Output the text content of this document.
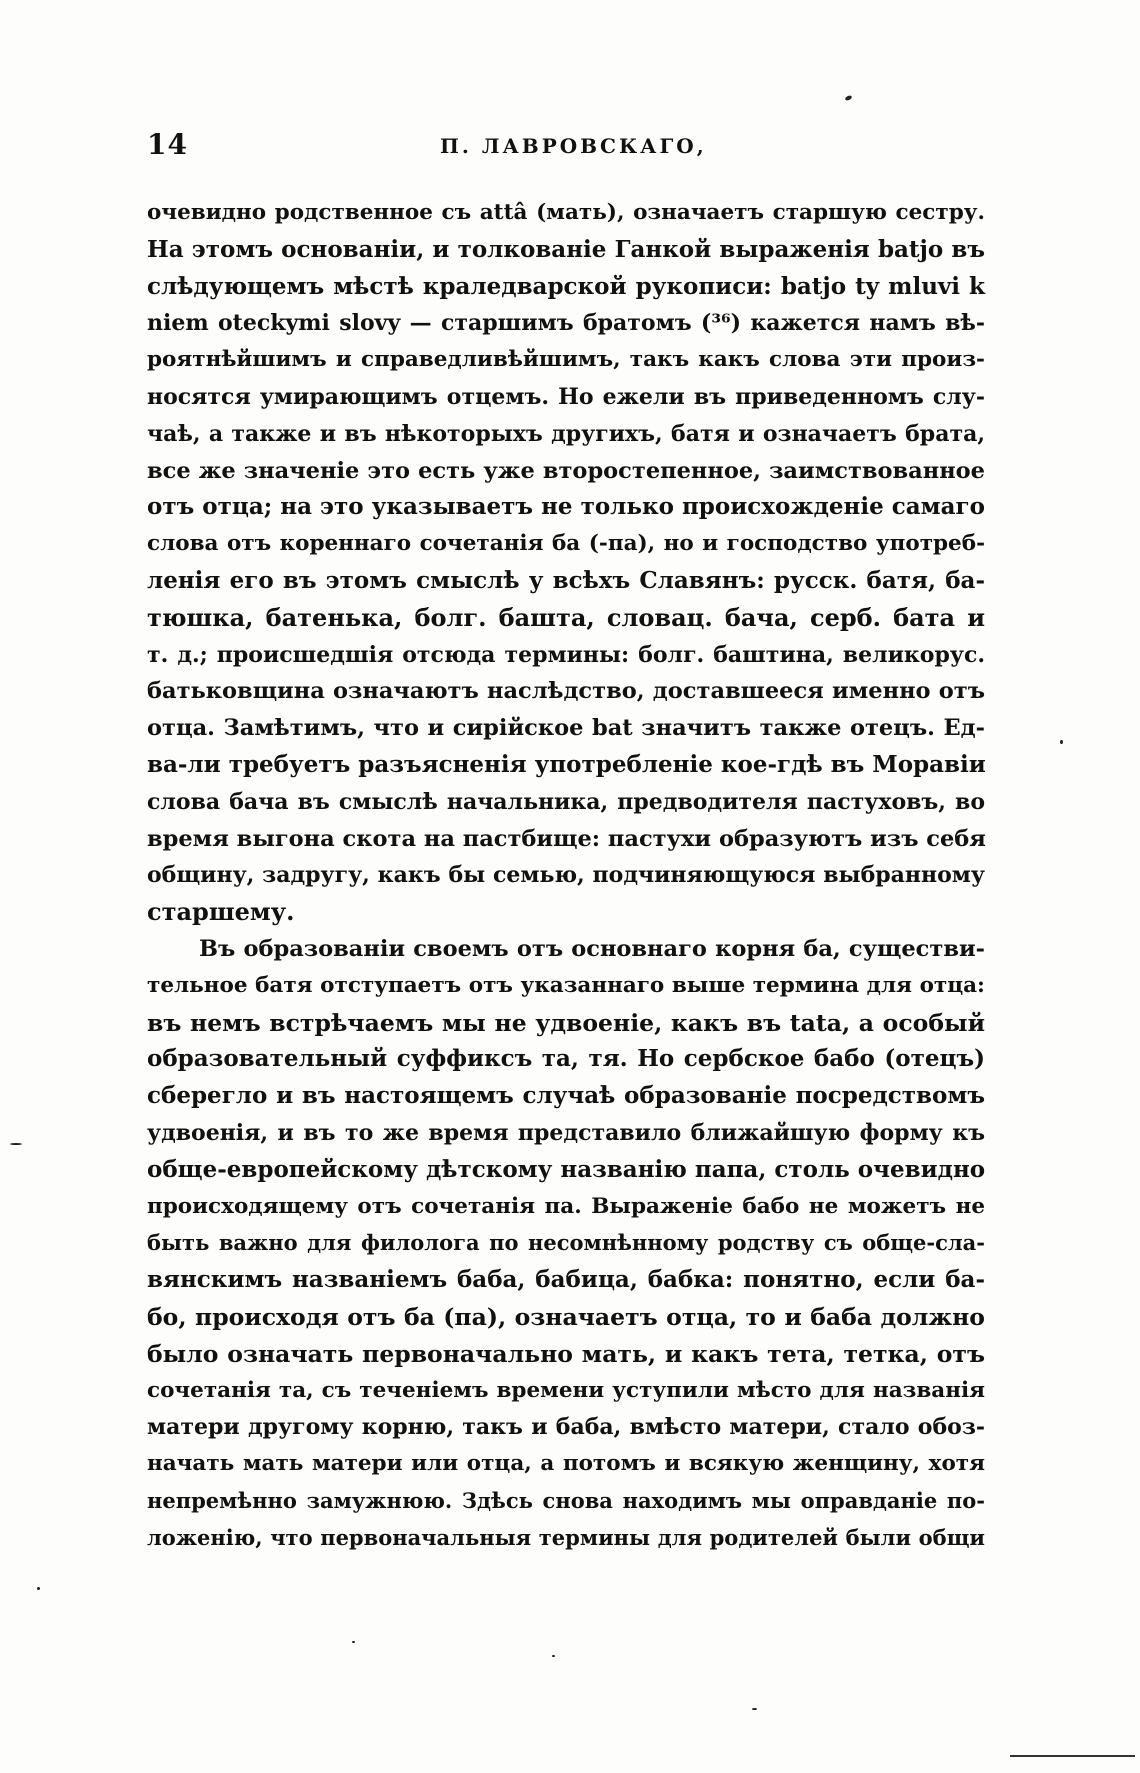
14	П. ЛАВРОВСКАГО,
очевидно родственное съ attâ (мать), означаетъ старшую сестру.
На этомъ основаніи, и толкованіе Ганкой выраженія batjo въ
слѣдующемъ мѣстѣ краледварской рукописи: batjo ty mluvi k
niem oteckymi slovy — старшимъ братомъ (³⁶) кажется намъ вѣ-
роятнѣйшимъ и справедливѣйшимъ, такъ какъ слова эти произ-
носятся умирающимъ отцемъ. Но ежели въ приведенномъ слу-
чаѣ, а также и въ нѣкоторыхъ другихъ, батя и означаетъ брата,
все же значеніе это есть уже второстепенное, заимствованное
отъ отца; на это указываетъ не только происхожденіе самаго
слова отъ кореннаго сочетанія ба (-па), но и господство употреб-
ленія его въ этомъ смыслѣ у всѣхъ Славянъ: русск. батя, ба-
тюшка, батенька, болг. башта, словац. бача, серб. бата и
т. д.; происшедшія отсюда термины: болг. баштина, великорус.
батьковщина означаютъ наслѣдство, доставшееся именно отъ
отца. Замѣтимъ, что и сирійское bat значитъ также отецъ. Ед-
ва-ли требуетъ разъясненія употребленіе кое-гдѣ въ Моравіи
слова бача въ смыслѣ начальника, предводителя пастуховъ, во
время выгона скота на пастбище: пастухи образуютъ изъ себя
общину, задругу, какъ бы семью, подчиняющуюся выбранному
старшему.
Въ образованіи своемъ отъ основнаго корня ба, существи-
тельное батя отступаетъ отъ указаннаго выше термина для отца:
въ немъ встрѣчаемъ мы не удвоеніе, какъ въ tata, а особый
образовательный суффиксъ та, тя. Но сербское бабо (отецъ)
сберегло и въ настоящемъ случаѣ образованіе посредствомъ
удвоенія, и въ то же время представило ближайшую форму къ
обще-европейскому дѣтскому названію папа, столь очевидно
происходящему отъ сочетанія па. Выраженіе бабо не можетъ не
быть важно для филолога по несомнѣнному родству съ обще-сла-
вянскимъ названіемъ баба, бабица, бабка: понятно, если ба-
бо, происходя отъ ба (па), означаетъ отца, то и баба должно
было означать первоначально мать, и какъ тета, тетка, отъ
сочетанія та, съ теченіемъ времени уступили мѣсто для названія
матери другому корню, такъ и баба, вмѣсто матери, стало обоз-
начать мать матери или отца, а потомъ и всякую женщину, хотя
непремѣнно замужнюю. Здѣсь снова находимъ мы оправданіе по-
ложенію, что первоначальныя термины для родителей были общи
